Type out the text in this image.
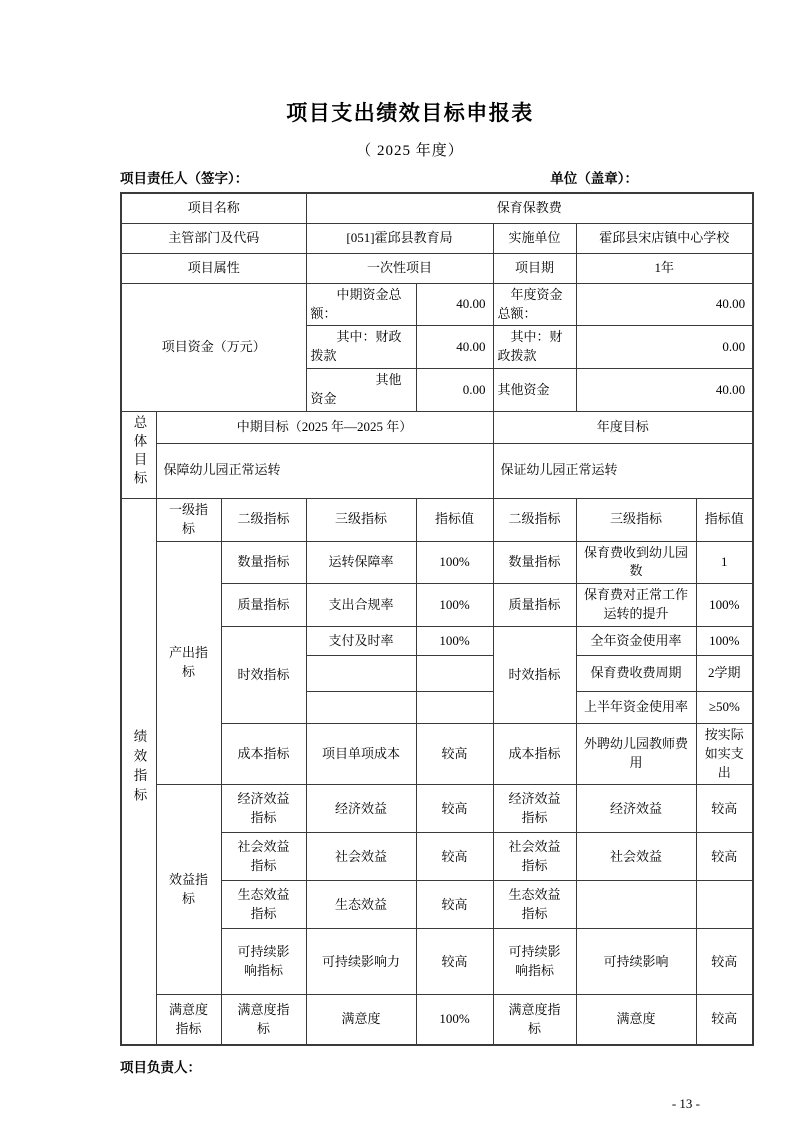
项目支出绩效目标申报表
（ 2025 年度）
项目责任人（签字）：	单位（盖章）：
项目名称			保育保教费				
主管部门及代码			[051]霍邱县教育局		实施单位	霍邱县宋店镇中心学校	
项目属性			一次性项目		项目期	1年	
项目资金（万元）			中期资金总额：	40.00	年度资金总额：	40.00	
			其中：财政拨款	40.00	其中：财政拨款	0.00	
			其他资金	0.00	其他资金	40.00	
总体目标	中期目标（2025 年—2025 年）				年度目标		
	保障幼儿园正常运转				保证幼儿园正常运转		
绩效指标	一级指标	二级指标	三级指标	指标值	二级指标	三级指标	指标值
	产出指标	数量指标	运转保障率	100%	数量指标	保育费收到幼儿园数	1
		质量指标	支出合规率	100%	质量指标	保育费对正常工作运转的提升	100%
		时效指标	支付及时率	100%	时效指标	全年资金使用率	100%
						保育费收费周期	2学期
						上半年资金使用率	≥50%
		成本指标	项目单项成本	较高	成本指标	外聘幼儿园教师费用	按实际如实支出
	效益指标	经济效益指标	经济效益	较高	经济效益指标	经济效益	较高
		社会效益指标	社会效益	较高	社会效益指标	社会效益	较高
		生态效益指标	生态效益	较高	生态效益指标		
		可持续影响指标	可持续影响力	较高	可持续影响指标	可持续影响	较高
	满意度指标	满意度指标	满意度	100%	满意度指标	满意度	较高
项目负责人：
- 13 -
